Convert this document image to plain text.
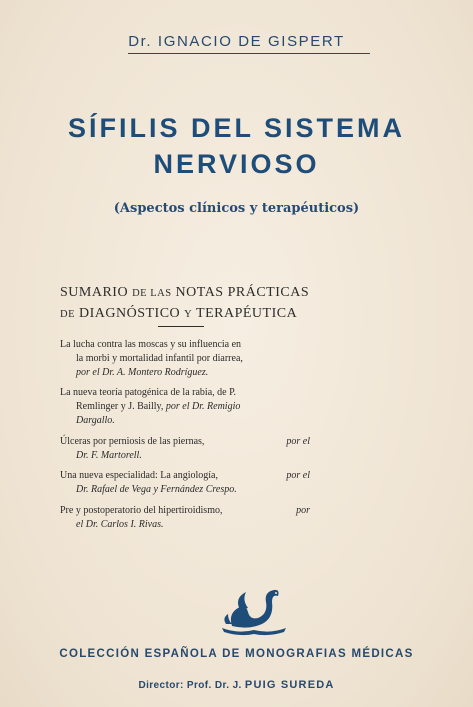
Dr. IGNACIO DE GISPERT
SÍFILIS DEL SISTEMA
NERVIOSO
(Aspectos clínicos y terapéuticos)
SUMARIO DE LAS NOTAS PRÁCTICAS
DE DIAGNÓSTICO Y TERAPÉUTICA
La lucha contra las moscas y su influencia en
la morbi y mortalidad infantil por diarrea,
por el Dr. A. Montero Rodríguez.
La nueva teoría patogénica de la rabia, de P.
Remlinger y J. Bailly, por el Dr. Remigio
Dargallo.
Úlceras por perniosis de las piernas,	por el
Dr. F. Martorell.
Una nueva especialidad: La angiología,	por el
Dr. Rafael de Vega y Fernández Crespo.
Pre y postoperatorio del hipertiroidismo,	por
el Dr. Carlos I. Rivas.
COLECCIÓN ESPAÑOLA DE MONOGRAFIAS MÉDICAS
Director: Prof. Dr. J. PUIG SUREDA
